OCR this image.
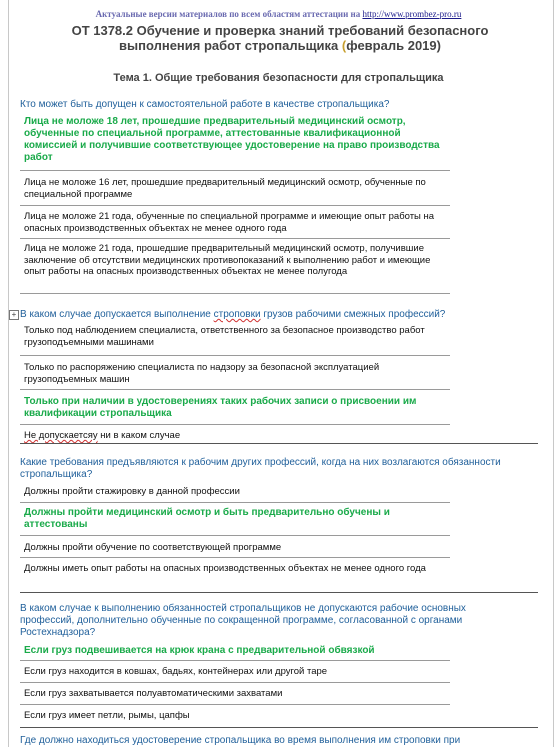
Актуальные версии материалов по всем областям аттестации на http://www.prombez-pro.ru
ОТ 1378.2 Обучение и проверка знаний требований безопасного выполнения работ стропальщика (февраль 2019)
Тема 1. Общие требования безопасности для стропальщика
Кто может быть допущен к самостоятельной работе в качестве стропальщика?
Лица не моложе 18 лет, прошедшие предварительный медицинский осмотр, обученные по специальной программе, аттестованные квалификационной комиссией и получившие соответствующее удостоверение на право производства работ
Лица не моложе 16 лет, прошедшие предварительный медицинский осмотр, обученные по специальной программе
Лица не моложе 21 года, обученные по специальной программе и имеющие опыт работы на опасных производственных объектах не менее одного года
Лица не моложе 21 года, прошедшие предварительный медицинский осмотр, получившие заключение об отсутствии медицинских противопоказаний к выполнению работ и имеющие опыт работы на опасных производственных объектах не менее полугода
+ В каком случае допускается выполнение строповки грузов рабочими смежных профессий?
Только под наблюдением специалиста, ответственного за безопасное производство работ грузоподъемными машинами
Только по распоряжению специалиста по надзору за безопасной эксплуатацией грузоподъемных машин
Только при наличии в удостоверениях таких рабочих записи о присвоении им квалификации стропальщика
Не допускаетсяу ни в каком случае
Какие требования предъявляются к рабочим других профессий, когда на них возлагаются обязанности стропальщика?
Должны пройти стажировку в данной профессии
Должны пройти медицинский осмотр и быть предварительно обучены и аттестованы
Должны пройти обучение по соответствующей программе
Должны иметь опыт работы на опасных производственных объектах не менее одного года
В каком случае к выполнению обязанностей стропальщиков не допускаются рабочие основных профессий, дополнительно обученные по сокращенной программе, согласованной с органами Ростехнадзора?
Если груз подвешивается на крюк крана с предварительной обвязкой
Если груз находится в ковшах, бадьях, контейнерах или другой таре
Если груз захватывается полуавтоматическими захватами
Если груз имеет петли, рымы, цапфы
Где должно находиться удостоверение стропальщика во время выполнения им строповки при
